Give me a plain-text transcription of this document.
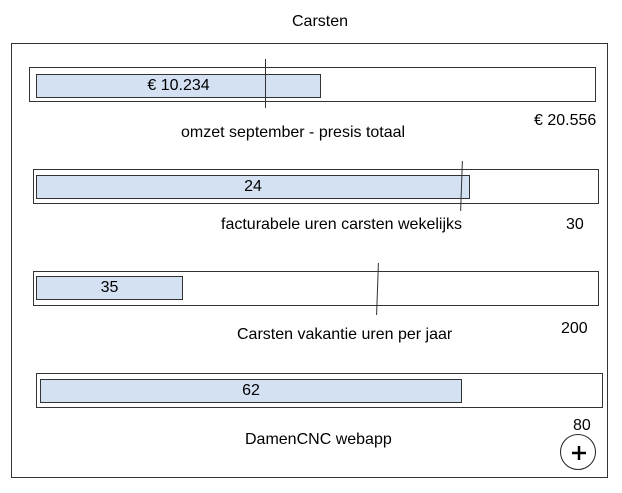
Carsten
€ 10.234
omzet september - presis totaal
€ 20.556
24
facturabele uren carsten wekelijks	30
35
Carsten vakantie uren per jaar	200
62
DamenCNC webapp
80
